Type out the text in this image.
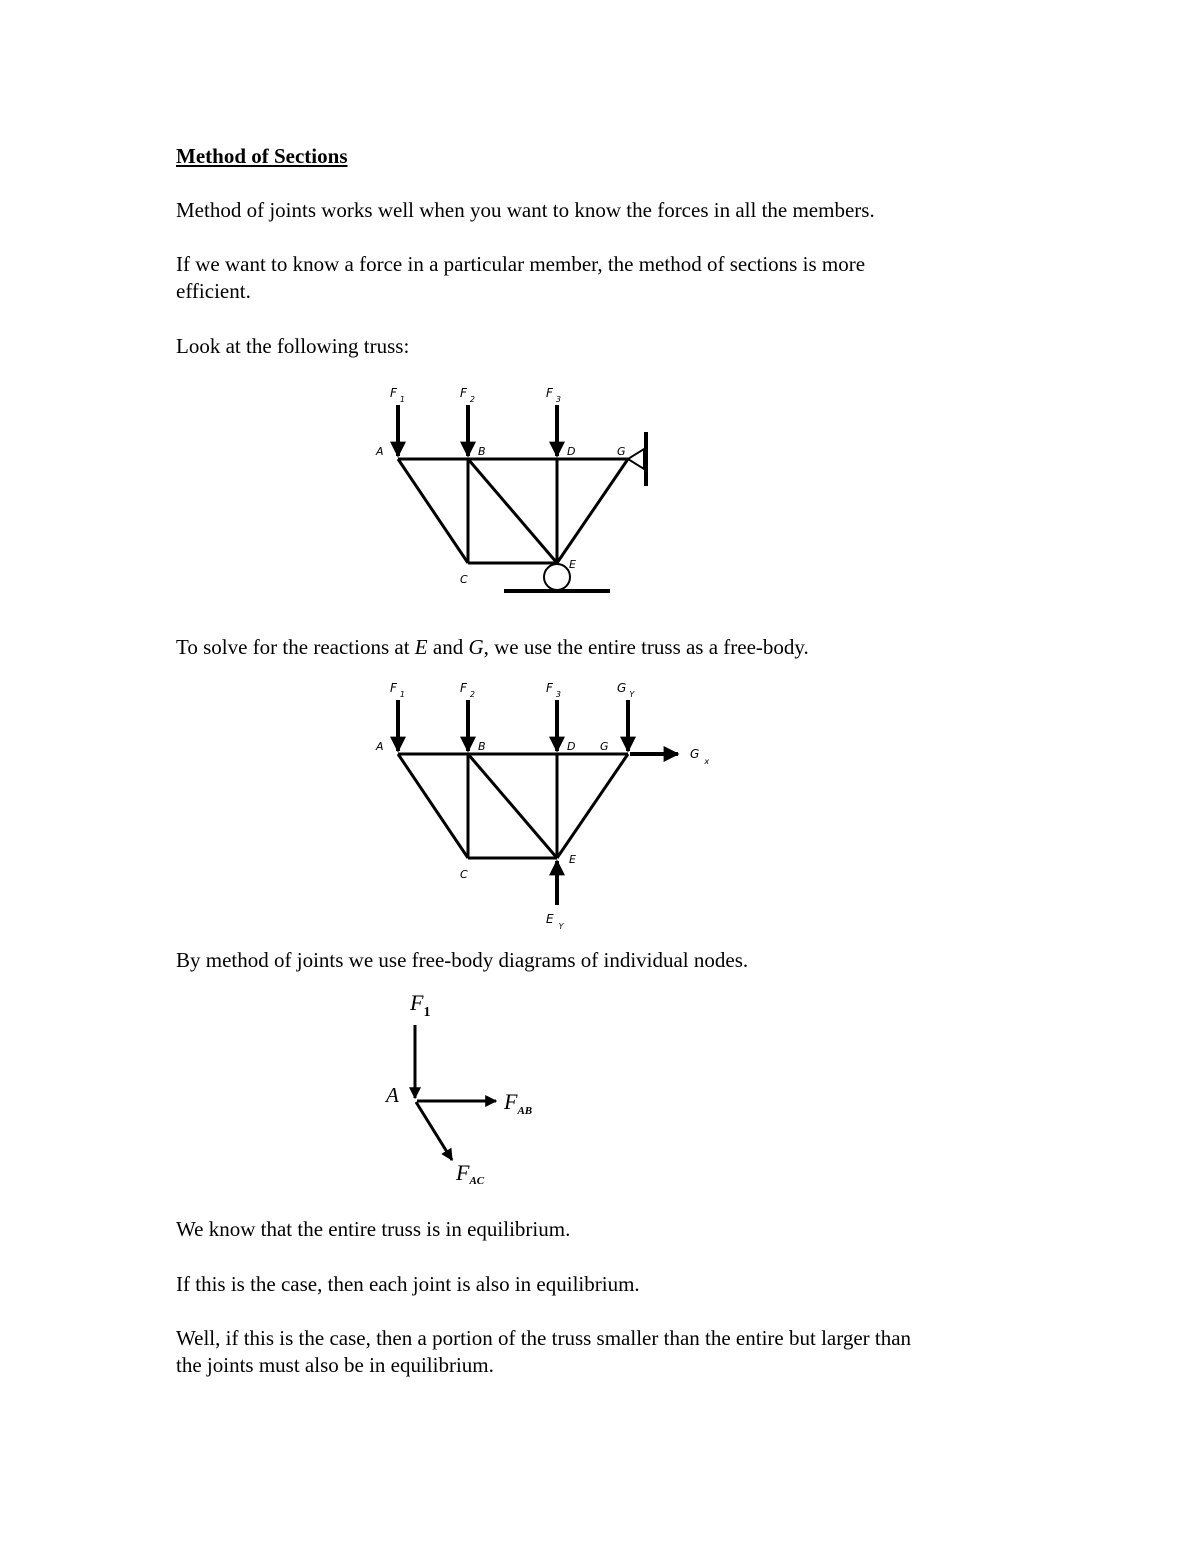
Method of Sections

Method of joints works well when you want to know the forces in all the members.

If we want to know a force in a particular member, the method of sections is more

efficient.

Look at the following truss:

F $_1$	F $_2$	F $_3$
A	B	D	G
C
E

To solve for the reactions at E and G, we use the entire truss as a free-body.

F $_1$	F $_2$	F $_3$	G $_Y$
A	B	D G
C
E
$G_x$
$E_Y$

By method of joints we use free-body diagrams of individual nodes.

$F_1$
A	$F_{AB}$
FAC

We know that the entire truss is in equilibrium.

If this is the case, then each joint is also in equilibrium.

Well, if this is the case, then a portion of the truss smaller than the entire but larger than

the joints must also be in equilibrium.
